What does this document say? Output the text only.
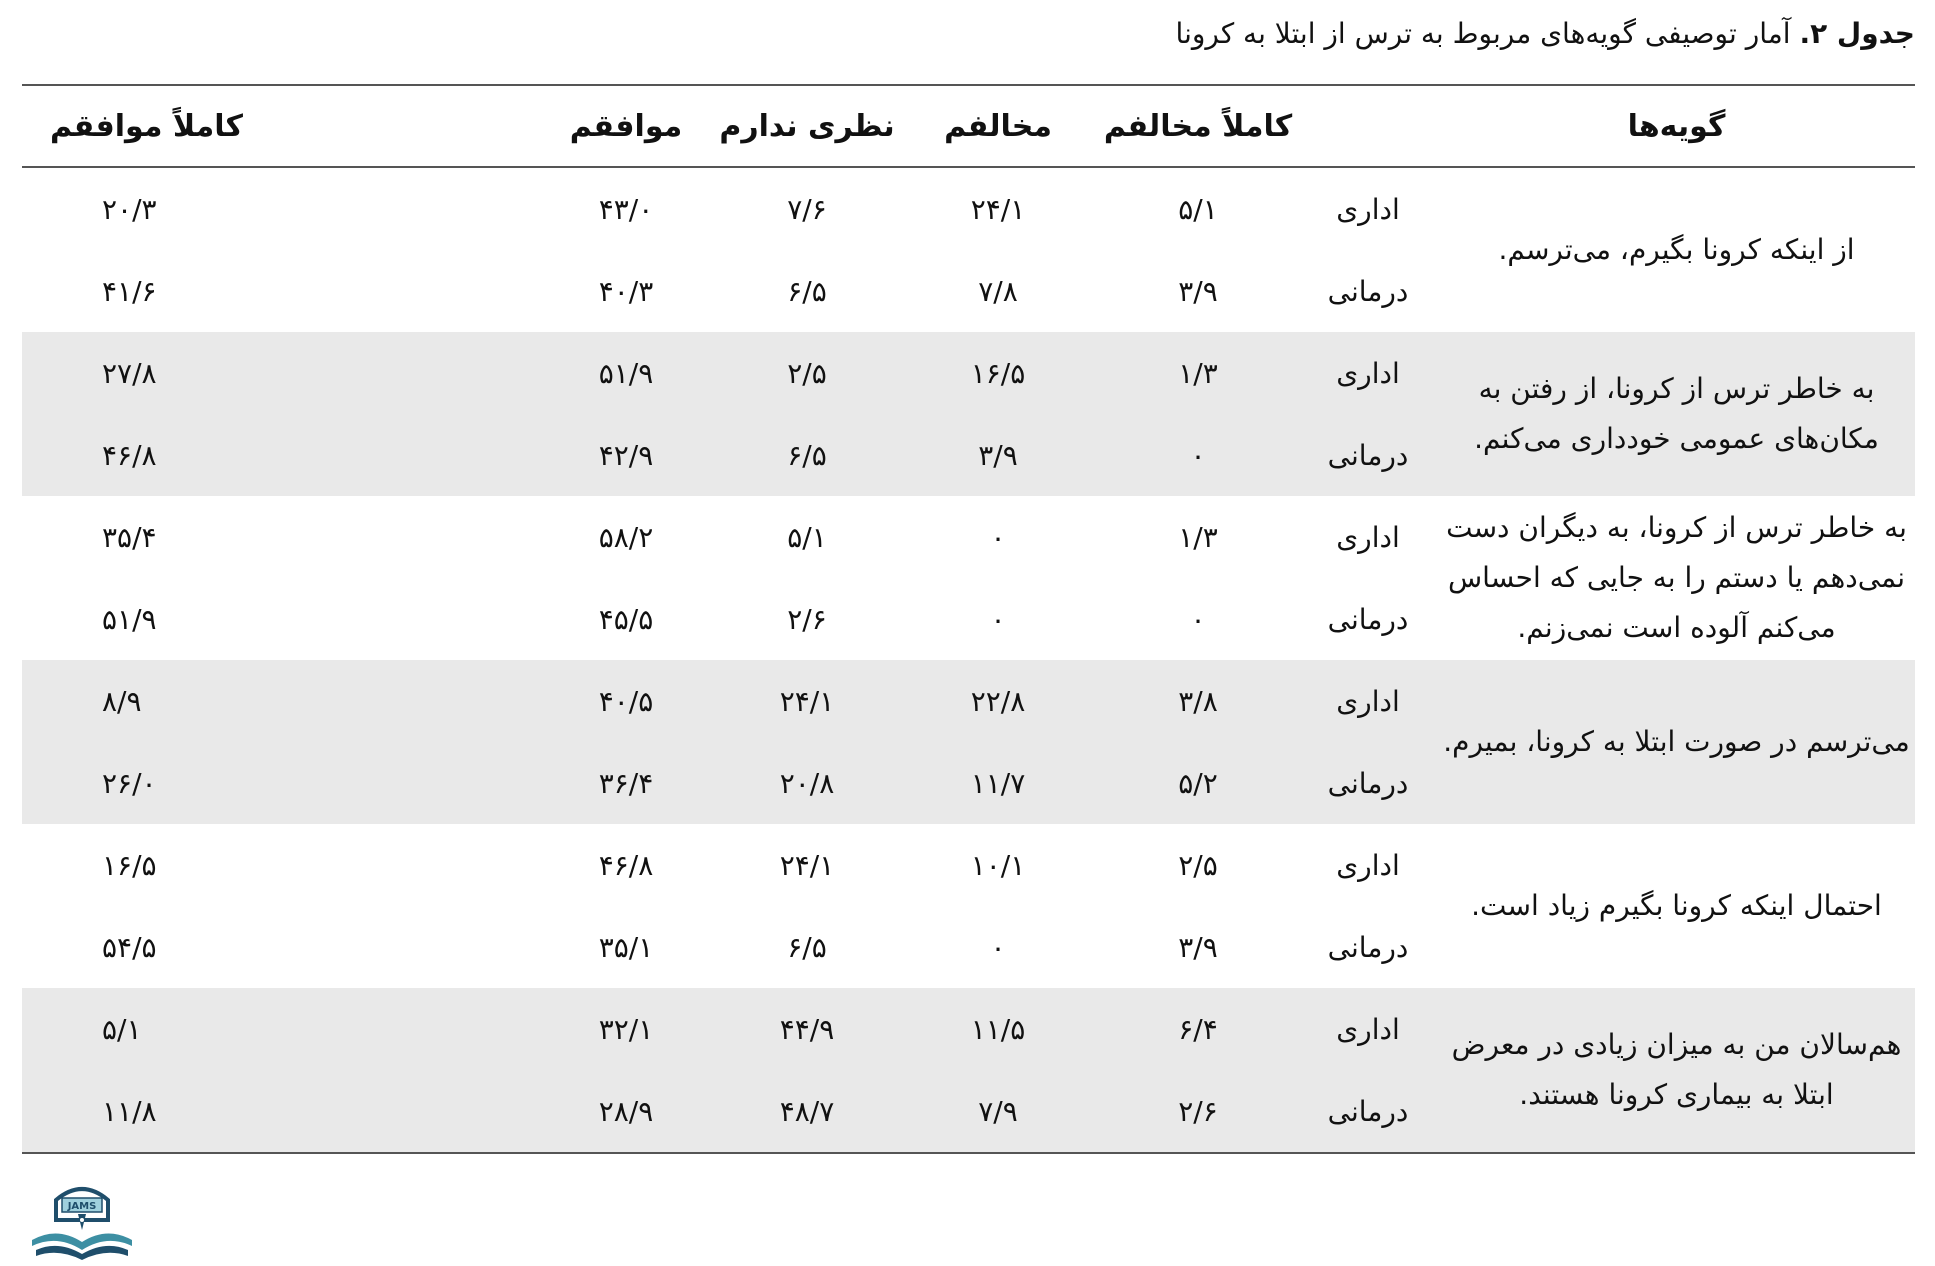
جدول ۲. آمار توصیفی گویه‌های مربوط به ترس از ابتلا به کرونا
گویه‌ها		کاملاً مخالفم	مخالفم	نظری ندارم	موافقم	کاملاً موافقم
از اینکه کرونا بگیرم، می‌ترسم.	اداری	۵/۱	۲۴/۱	۷/۶	۴۳/۰	۲۰/۳
	درمانی	۳/۹	۷/۸	۶/۵	۴۰/۳	۴۱/۶
به خاطر ترس از کرونا، از رفتن به مکان‌های عمومی خودداری می‌کنم.	اداری	۱/۳	۱۶/۵	۲/۵	۵۱/۹	۲۷/۸
	درمانی	۰	۳/۹	۶/۵	۴۲/۹	۴۶/۸
به خاطر ترس از کرونا، به دیگران دست نمی‌دهم یا دستم را به جایی که احساس می‌کنم آلوده است نمی‌زنم.	اداری	۱/۳	۰	۵/۱	۵۸/۲	۳۵/۴
	درمانی	۰	۰	۲/۶	۴۵/۵	۵۱/۹
می‌ترسم در صورت ابتلا به کرونا، بمیرم.	اداری	۳/۸	۲۲/۸	۲۴/۱	۴۰/۵	۸/۹
	درمانی	۵/۲	۱۱/۷	۲۰/۸	۳۶/۴	۲۶/۰
احتمال اینکه کرونا بگیرم زیاد است.	اداری	۲/۵	۱۰/۱	۲۴/۱	۴۶/۸	۱۶/۵
	درمانی	۳/۹	۰	۶/۵	۳۵/۱	۵۴/۵
هم‌سالان من به میزان زیادی در معرض ابتلا به بیماری کرونا هستند.	اداری	۶/۴	۱۱/۵	۴۴/۹	۳۲/۱	۵/۱
	درمانی	۲/۶	۷/۹	۴۸/۷	۲۸/۹	۱۱/۸
JAMS
